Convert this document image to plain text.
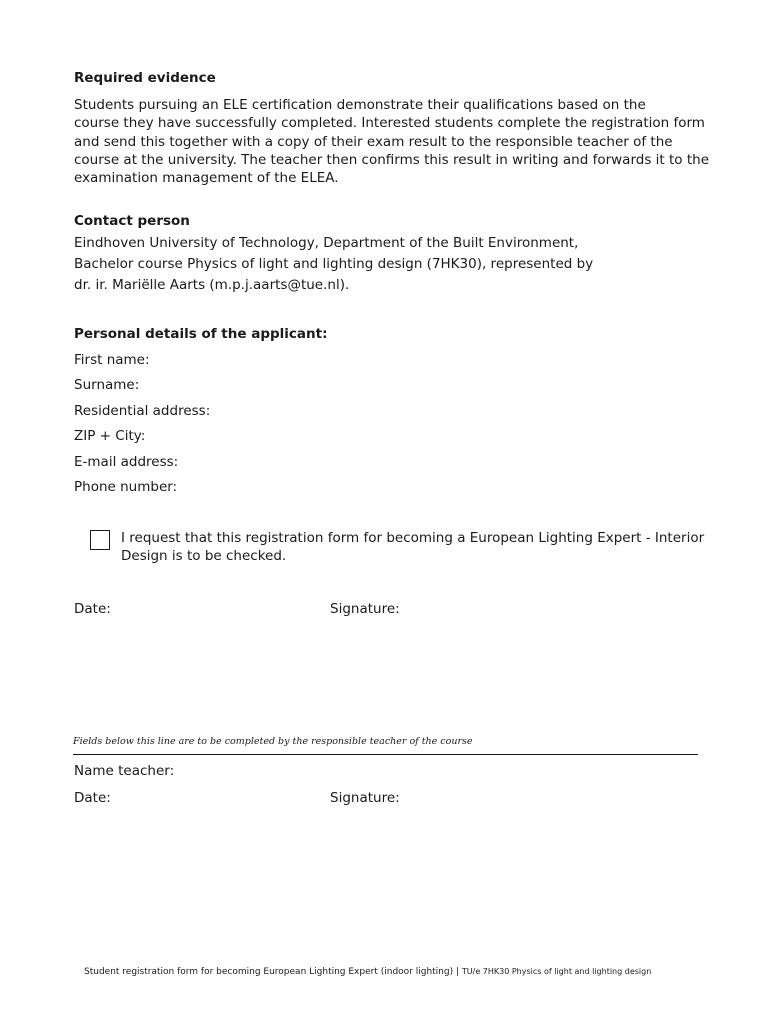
Required evidence
Students pursuing an ELE certification demonstrate their qualifications based on the
course they have successfully completed. Interested students complete the registration form
and send this together with a copy of their exam result to the responsible teacher of the
course at the university. The teacher then confirms this result in writing and forwards it to the
examination management of the ELEA.
Contact person
Eindhoven University of Technology, Department of the Built Environment,
Bachelor course Physics of light and lighting design (7HK30), represented by
dr. ir. Mariëlle Aarts (m.p.j.aarts@tue.nl).
Personal details of the applicant:
First name:
Surname:
Residential address:
ZIP + City:
E-mail address:
Phone number:
I request that this registration form for becoming a European Lighting Expert - Interior
Design is to be checked.
Date:	Signature:
Fields below this line are to be completed by the responsible teacher of the course
Name teacher:
Date:	Signature:
Student registration form for becoming European Lighting Expert (indoor lighting) | TU/e 7HK30 Physics of light and lighting design
